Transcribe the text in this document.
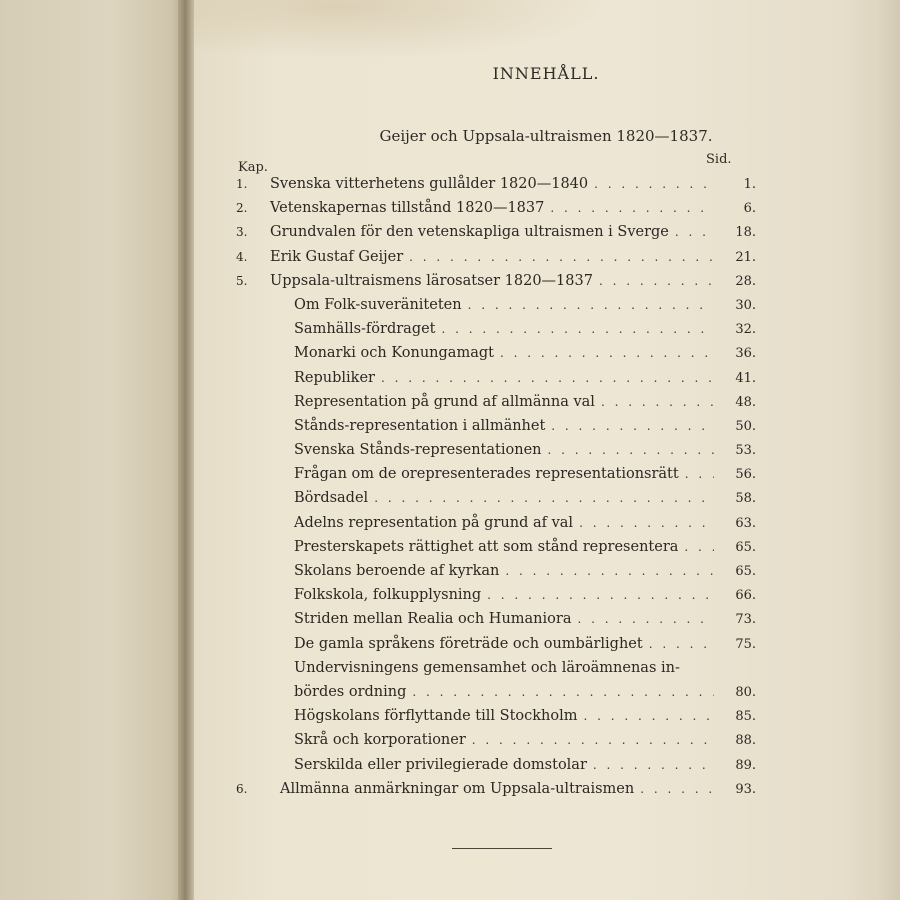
INNEHÅLL.
Geijer och Uppsala-ultraismen 1820—1837.
Kap.
Sid.
1.	Svenska vitterhetens gullålder 1820—1840 . . .	1.
2.	Vetenskapernas tillstånd 1820—1837 . . .	6.
3.	Grundvalen för den vetenskapliga ultraismen i Sverge . . .	18.
4.	Erik Gustaf Geijer . . .	21.
5.	Uppsala-ultraismens lärosatser 1820—1837 . . .	28.
Om Folk-suveräniteten . . .	30.
Samhälls-fördraget . . .	32.
Monarki och Konungamagt . . .	36.
Republiker . . .	41.
Representation på grund af allmänna val . . .	48.
Stånds-representation i allmänhet . . .	50.
Svenska Stånds-representationen . . .	53.
Frågan om de orepresenterades representationsrätt . . .	56.
Bördsadel . . .	58.
Adelns representation på grund af val . . .	63.
Presterskapets rättighet att som stånd representera . . .	65.
Skolans beroende af kyrkan . . .	65.
Folkskola, folkupplysning . . .	66.
Striden mellan Realia och Humaniora . . .	73.
De gamla språkens företräde och oumbärlighet . . .	75.
Undervisningens gemensamhet och läroämnenas in-
bördes ordning . . .	80.
Högskolans förflyttande till Stockholm . . .	85.
Skrå och korporationer . . .	88.
Serskilda eller privilegierade domstolar . . .	89.
6.	Allmänna anmärkningar om Uppsala-ultraismen . . .	93.
